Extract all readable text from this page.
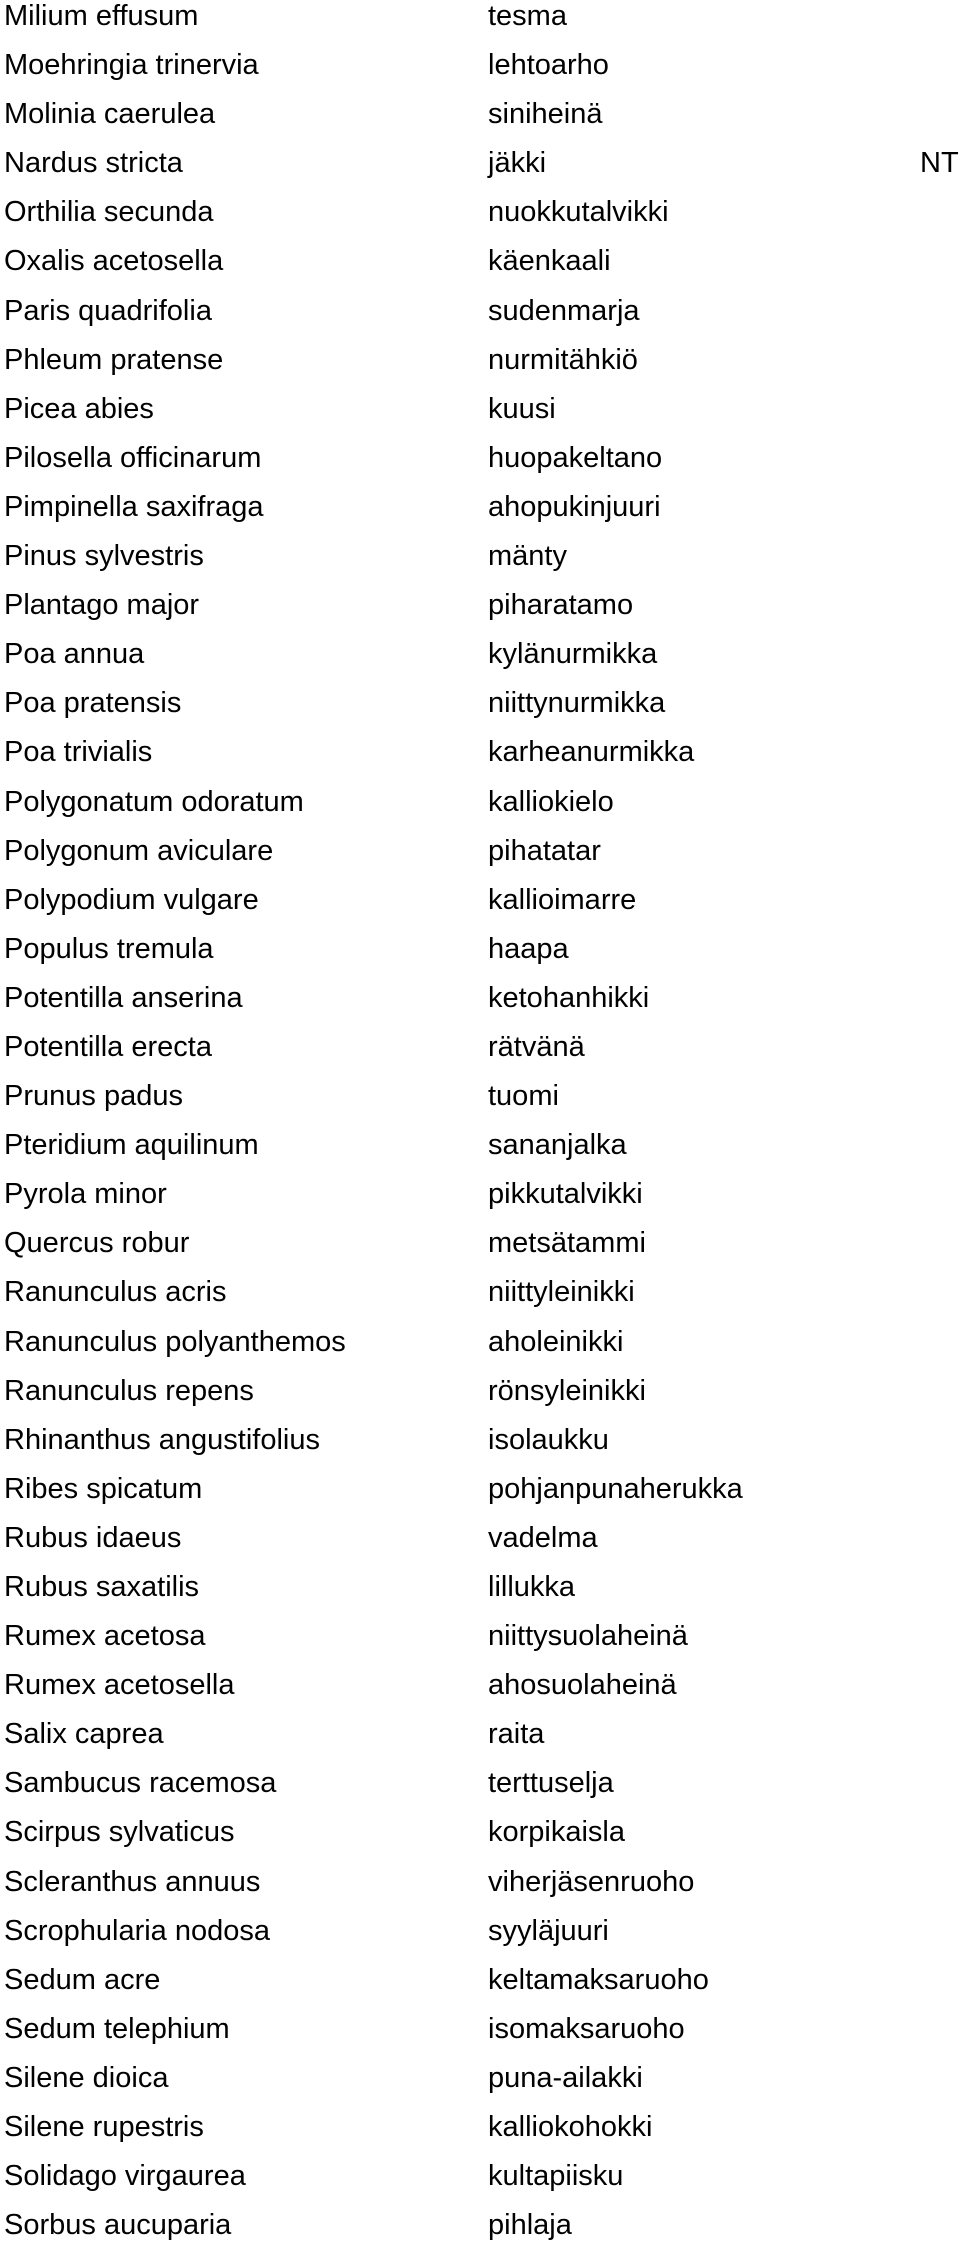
Milium effusum	tesma
Moehringia trinervia	lehtoarho
Molinia caerulea	siniheinä
Nardus stricta	jäkki	NT
Orthilia secunda	nuokkutalvikki
Oxalis acetosella	käenkaali
Paris quadrifolia	sudenmarja
Phleum pratense	nurmitähkiö
Picea abies	kuusi
Pilosella officinarum	huopakeltano
Pimpinella saxifraga	ahopukinjuuri
Pinus sylvestris	mänty
Plantago major	piharatamo
Poa annua	kylänurmikka
Poa pratensis	niittynurmikka
Poa trivialis	karheanurmikka
Polygonatum odoratum	kalliokielo
Polygonum aviculare	pihatatar
Polypodium vulgare	kallioimarre
Populus tremula	haapa
Potentilla anserina	ketohanhikki
Potentilla erecta	rätvänä
Prunus padus	tuomi
Pteridium aquilinum	sananjalka
Pyrola minor	pikkutalvikki
Quercus robur	metsätammi
Ranunculus acris	niittyleinikki
Ranunculus polyanthemos	aholeinikki
Ranunculus repens	rönsyleinikki
Rhinanthus angustifolius	isolaukku
Ribes spicatum	pohjanpunaherukka
Rubus idaeus	vadelma
Rubus saxatilis	lillukka
Rumex acetosa	niittysuolaheinä
Rumex acetosella	ahosuolaheinä
Salix caprea	raita
Sambucus racemosa	terttuselja
Scirpus sylvaticus	korpikaisla
Scleranthus annuus	viherjäsenruoho
Scrophularia nodosa	syyläjuuri
Sedum acre	keltamaksaruoho
Sedum telephium	isomaksaruoho
Silene dioica	puna-ailakki
Silene rupestris	kalliokohokki
Solidago virgaurea	kultapiisku
Sorbus aucuparia	pihlaja
